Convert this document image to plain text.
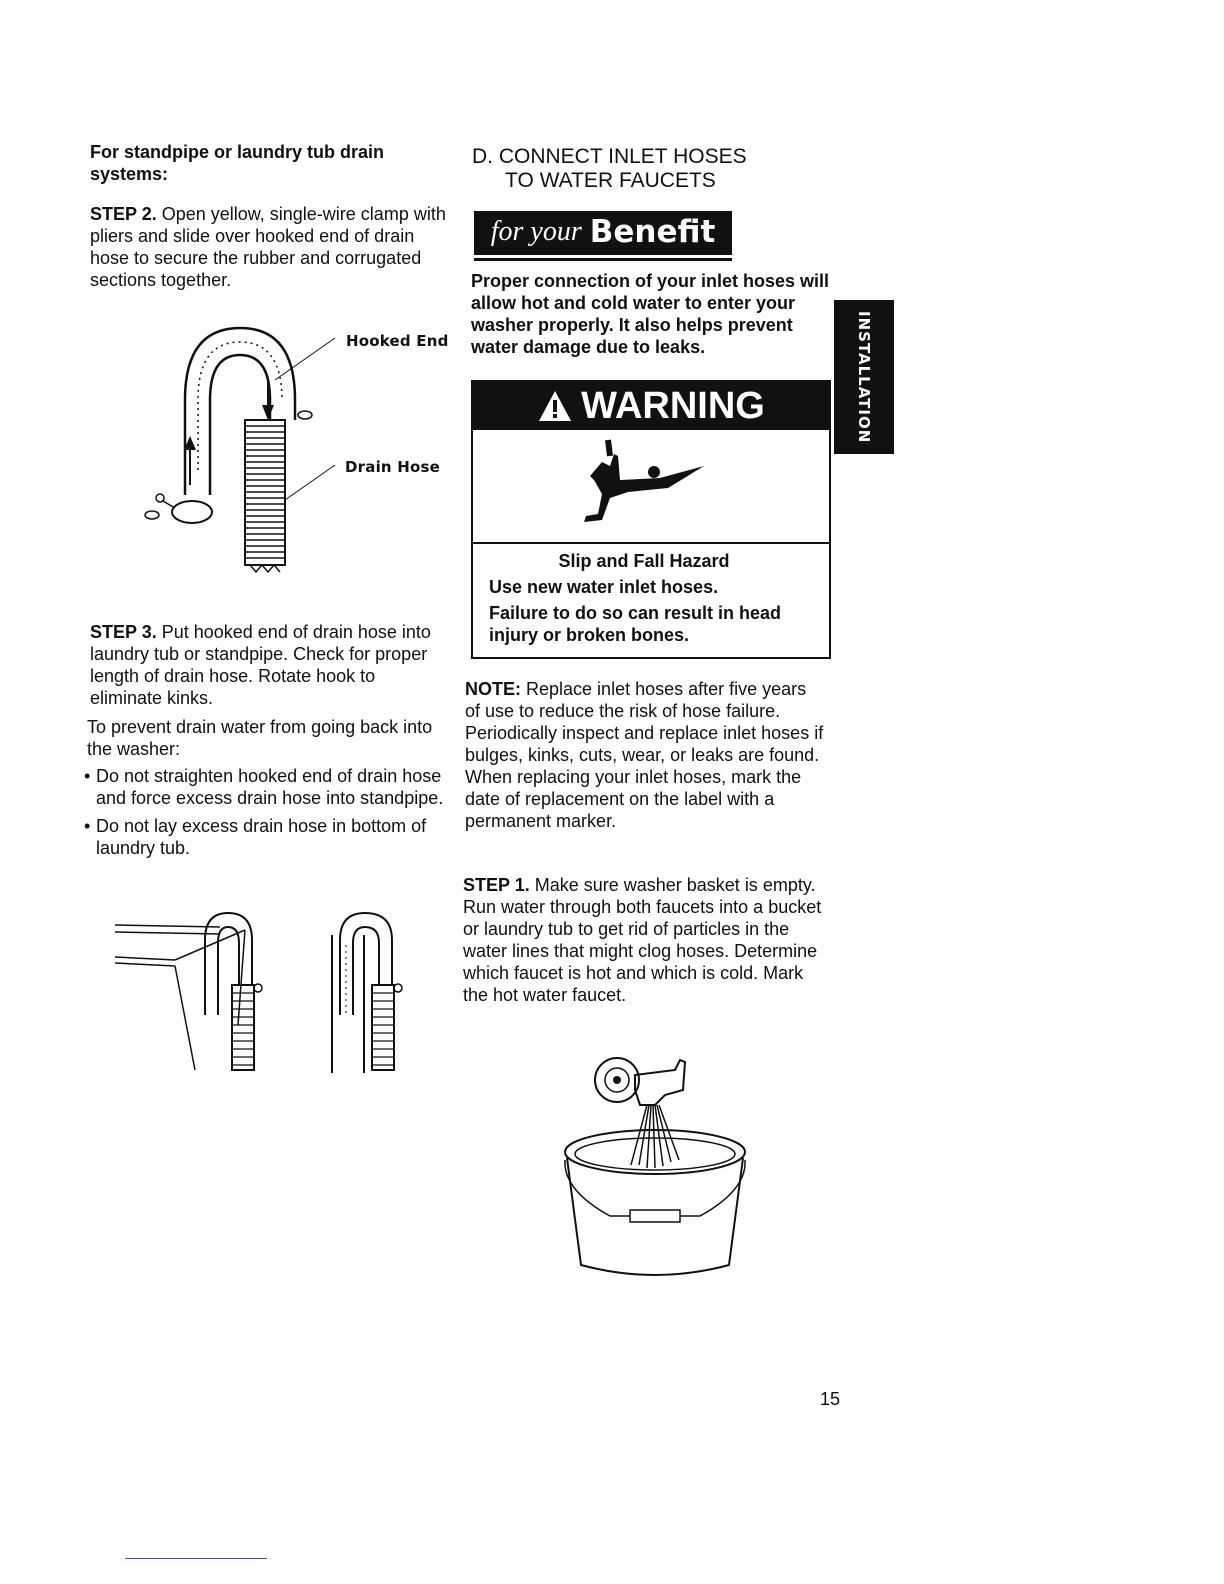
For standpipe or laundry tub drain systems:

STEP 2. Open yellow, single-wire clamp with pliers and slide over hooked end of drain hose to secure the rubber and corrugated sections together.

Hooked End
Drain Hose

STEP 3. Put hooked end of drain hose into laundry tub or standpipe. Check for proper length of drain hose. Rotate hook to eliminate kinks.

To prevent drain water from going back into the washer:

• Do not straighten hooked end of drain hose and force excess drain hose into standpipe.
• Do not lay excess drain hose in bottom of laundry tub.
D. CONNECT INLET HOSES
TO WATER FAUCETS
for your Benefit

Proper connection of your inlet hoses will allow hot and cold water to enter your washer properly. It also helps prevent water damage due to leaks.

WARNING

Slip and Fall Hazard

Use new water inlet hoses.

Failure to do so can result in head injury or broken bones.

NOTE: Replace inlet hoses after five years of use to reduce the risk of hose failure. Periodically inspect and replace inlet hoses if bulges, kinks, cuts, wear, or leaks are found. When replacing your inlet hoses, mark the date of replacement on the label with a permanent marker.

STEP 1. Make sure washer basket is empty. Run water through both faucets into a bucket or laundry tub to get rid of particles in the water lines that might clog hoses. Determine which faucet is hot and which is cold. Mark the hot water faucet.

INSTALLATION
15
